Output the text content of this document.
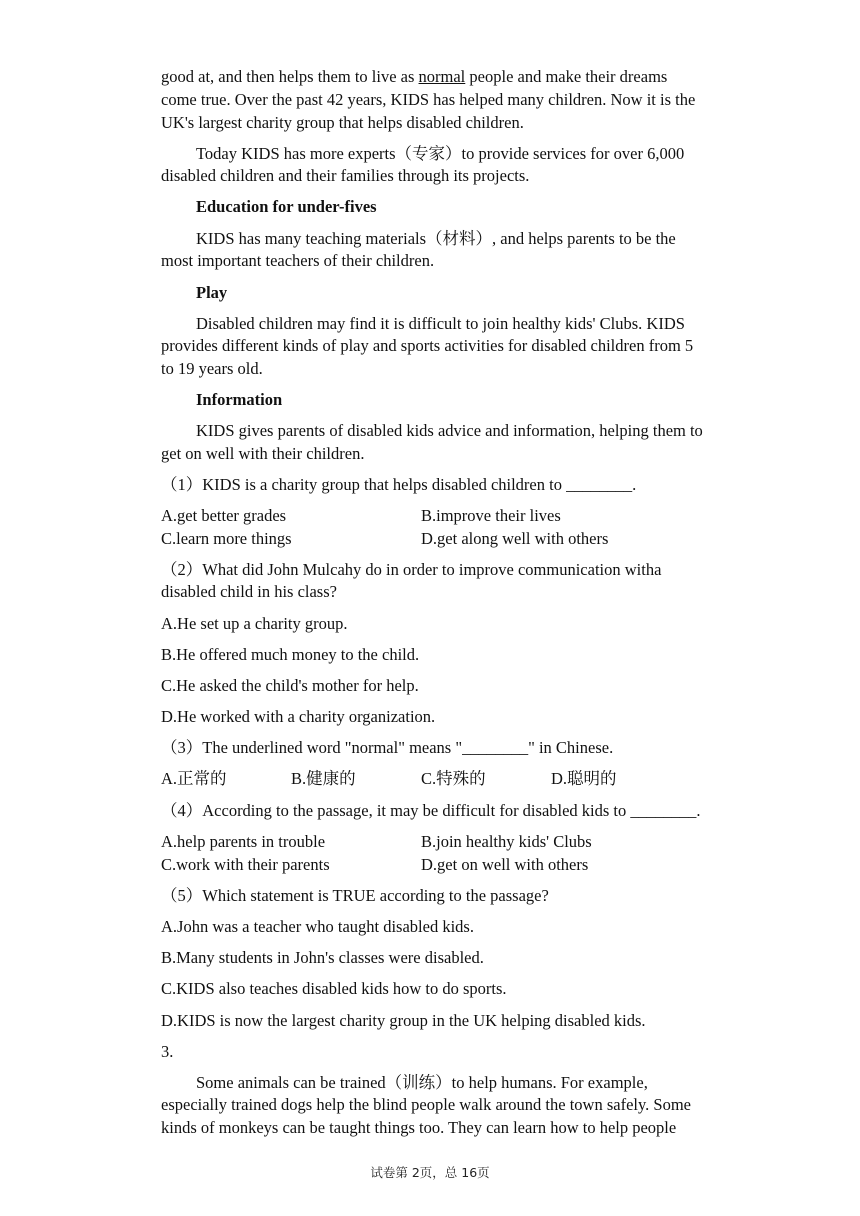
good at, and then helps them to live as normal people and make their dreams
come true. Over the past 42 years, KIDS has helped many children. Now it is the
UK's largest charity group that helps disabled children.
Today KIDS has more experts（专家）to provide services for over 6,000
disabled children and their families through its projects.
Education for under-fives
KIDS has many teaching materials（材料）, and helps parents to be the
most important teachers of their children.
Play
Disabled children may find it is difficult to join healthy kids' Clubs. KIDS
provides different kinds of play and sports activities for disabled children from 5
to 19 years old.
Information
KIDS gives parents of disabled kids advice and information, helping them to
get on well with their children.
（1）KIDS is a charity group that helps disabled children to ________.
A.get better grades	B.improve their lives
C.learn more things	D.get along well with others
（2）What did John Mulcahy do in order to improve communication witha
disabled child in his class?
A.He set up a charity group.
B.He offered much money to the child.
C.He asked the child's mother for help.
D.He worked with a charity organization.
（3）The underlined word "normal" means "________" in Chinese.
A.正常的	B.健康的	C.特殊的	D.聪明的
（4）According to the passage, it may be difficult for disabled kids to ________.
A.help parents in trouble	B.join healthy kids' Clubs
C.work with their parents	D.get on well with others
（5）Which statement is TRUE according to the passage?
A.John was a teacher who taught disabled kids.
B.Many students in John's classes were disabled.
C.KIDS also teaches disabled kids how to do sports.
D.KIDS is now the largest charity group in the UK helping disabled kids.
3.
Some animals can be trained（训练）to help humans. For example,
especially trained dogs help the blind people walk around the town safely. Some
kinds of monkeys can be taught things too. They can learn how to help people
试卷第 2页，总 16页
